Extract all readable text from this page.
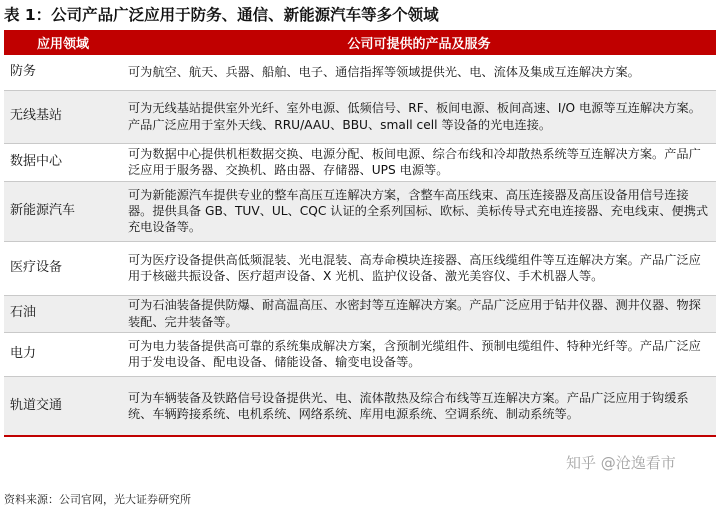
表 1：公司产品广泛应用于防务、通信、新能源汽车等多个领域
应用领域	公司可提供的产品及服务
防务	可为航空、航天、兵器、船舶、电子、通信指挥等领域提供光、电、流体及集成互连解决方案。
无线基站	可为无线基站提供室外光纤、室外电源、低频信号、RF、板间电源、板间高速、I/O 电源等互连解决方案。产品广泛应用于室外天线、RRU/AAU、BBU、small cell 等设备的光电连接。
数据中心	可为数据中心提供机柜数据交换、电源分配、板间电源、综合布线和冷却散热系统等互连解决方案。产品广泛应用于服务器、交换机、路由器、存储器、UPS 电源等。
新能源汽车	可为新能源汽车提供专业的整车高压互连解决方案，含整车高压线束、高压连接器及高压设备用信号连接器。提供具备 GB、TUV、UL、CQC 认证的全系列国标、欧标、美标传导式充电连接器、充电线束、便携式充电设备等。
医疗设备	可为医疗设备提供高低频混装、光电混装、高寿命模块连接器、高压线缆组件等互连解决方案。产品广泛应用于核磁共振设备、医疗超声设备、X 光机、监护仪设备、激光美容仪、手术机器人等。
石油	可为石油装备提供防爆、耐高温高压、水密封等互连解决方案。产品广泛应用于钻井仪器、测井仪器、物探装配、完井装备等。
电力	可为电力装备提供高可靠的系统集成解决方案，含预制光缆组件、预制电缆组件、特种光纤等。产品广泛应用于发电设备、配电设备、储能设备、输变电设备等。
轨道交通	可为车辆装备及铁路信号设备提供光、电、流体散热及综合布线等互连解决方案。产品广泛应用于钩缓系统、车辆跨接系统、电机系统、网络系统、库用电源系统、空调系统、制动系统等。
知乎 @沧逸看市
资料来源：公司官网，光大证券研究所
